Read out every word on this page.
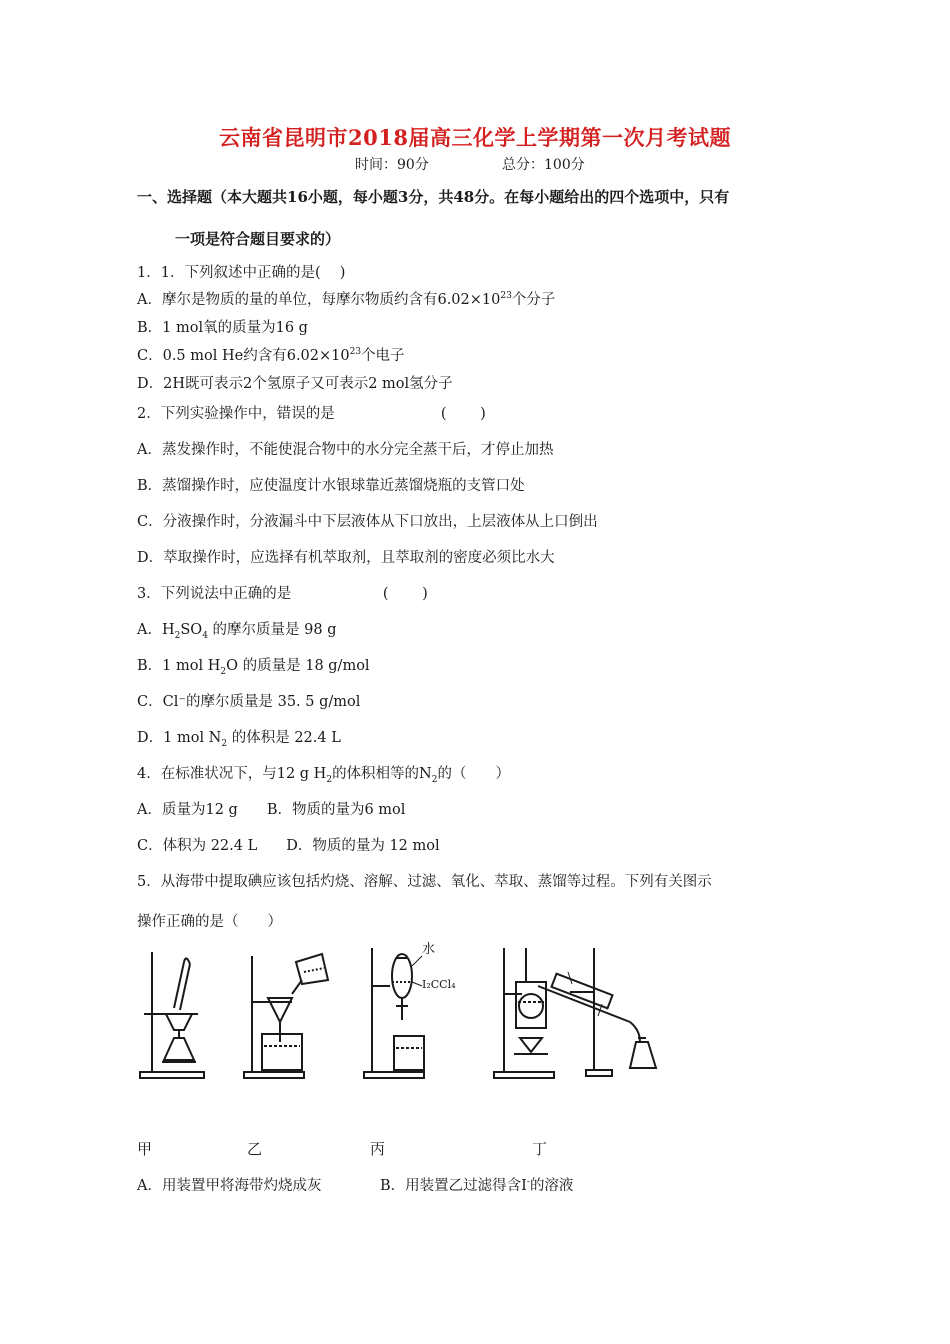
云南省昆明市2018届高三化学上学期第一次月考试题
时间：90分	总分：100分
一、选择题（本大题共16小题，每小题3分，共48分。在每小题给出的四个选项中，只有
一项是符合题目要求的）
1．1．下列叙述中正确的是(　 )
A．摩尔是物质的量的单位，每摩尔物质约含有$6.02\times 10^{23}$个分子
B．1 mol氧的质量为16 g
C．0.5 mol He约含有$6.02\times 10^{23}$个电子
D．2H既可表示2个氢原子又可表示2 mol氢分子
2．下列实验操作中，错误的是　　　　　　　 (　　 )
A．蒸发操作时，不能使混合物中的水分完全蒸干后，才停止加热
B．蒸馏操作时，应使温度计水银球靠近蒸馏烧瓶的支管口处
C．分液操作时，分液漏斗中下层液体从下口放出，上层液体从上口倒出
D．萃取操作时，应选择有机萃取剂，且萃取剂的密度必须比水大
3．下列说法中正确的是　　　　　　 (　　 )
A．$H_2SO_4$ 的摩尔质量是 98 g
B．1 mol $H_2O$ 的质量是 18 g/mol
C．Cl⁻的摩尔质量是 35. 5 g/mol
D．1 mol $N_2$ 的体积是 22.4 L
4．在标准状况下，与12 g $H_2$的体积相等的$N_2$的（　　）
A．质量为12 g　　B．物质的量为6 mol
C．体积为 22.4 L　　D．物质的量为 12 mol
5．从海带中提取碘应该包括灼烧、溶解、过滤、氧化、萃取、蒸馏等过程。下列有关图示
操作正确的是（　　）
水
I₂CCl₄
甲	乙	丙	丁
A．用装置甲将海带灼烧成灰	B．用装置乙过滤得含I-的溶液
